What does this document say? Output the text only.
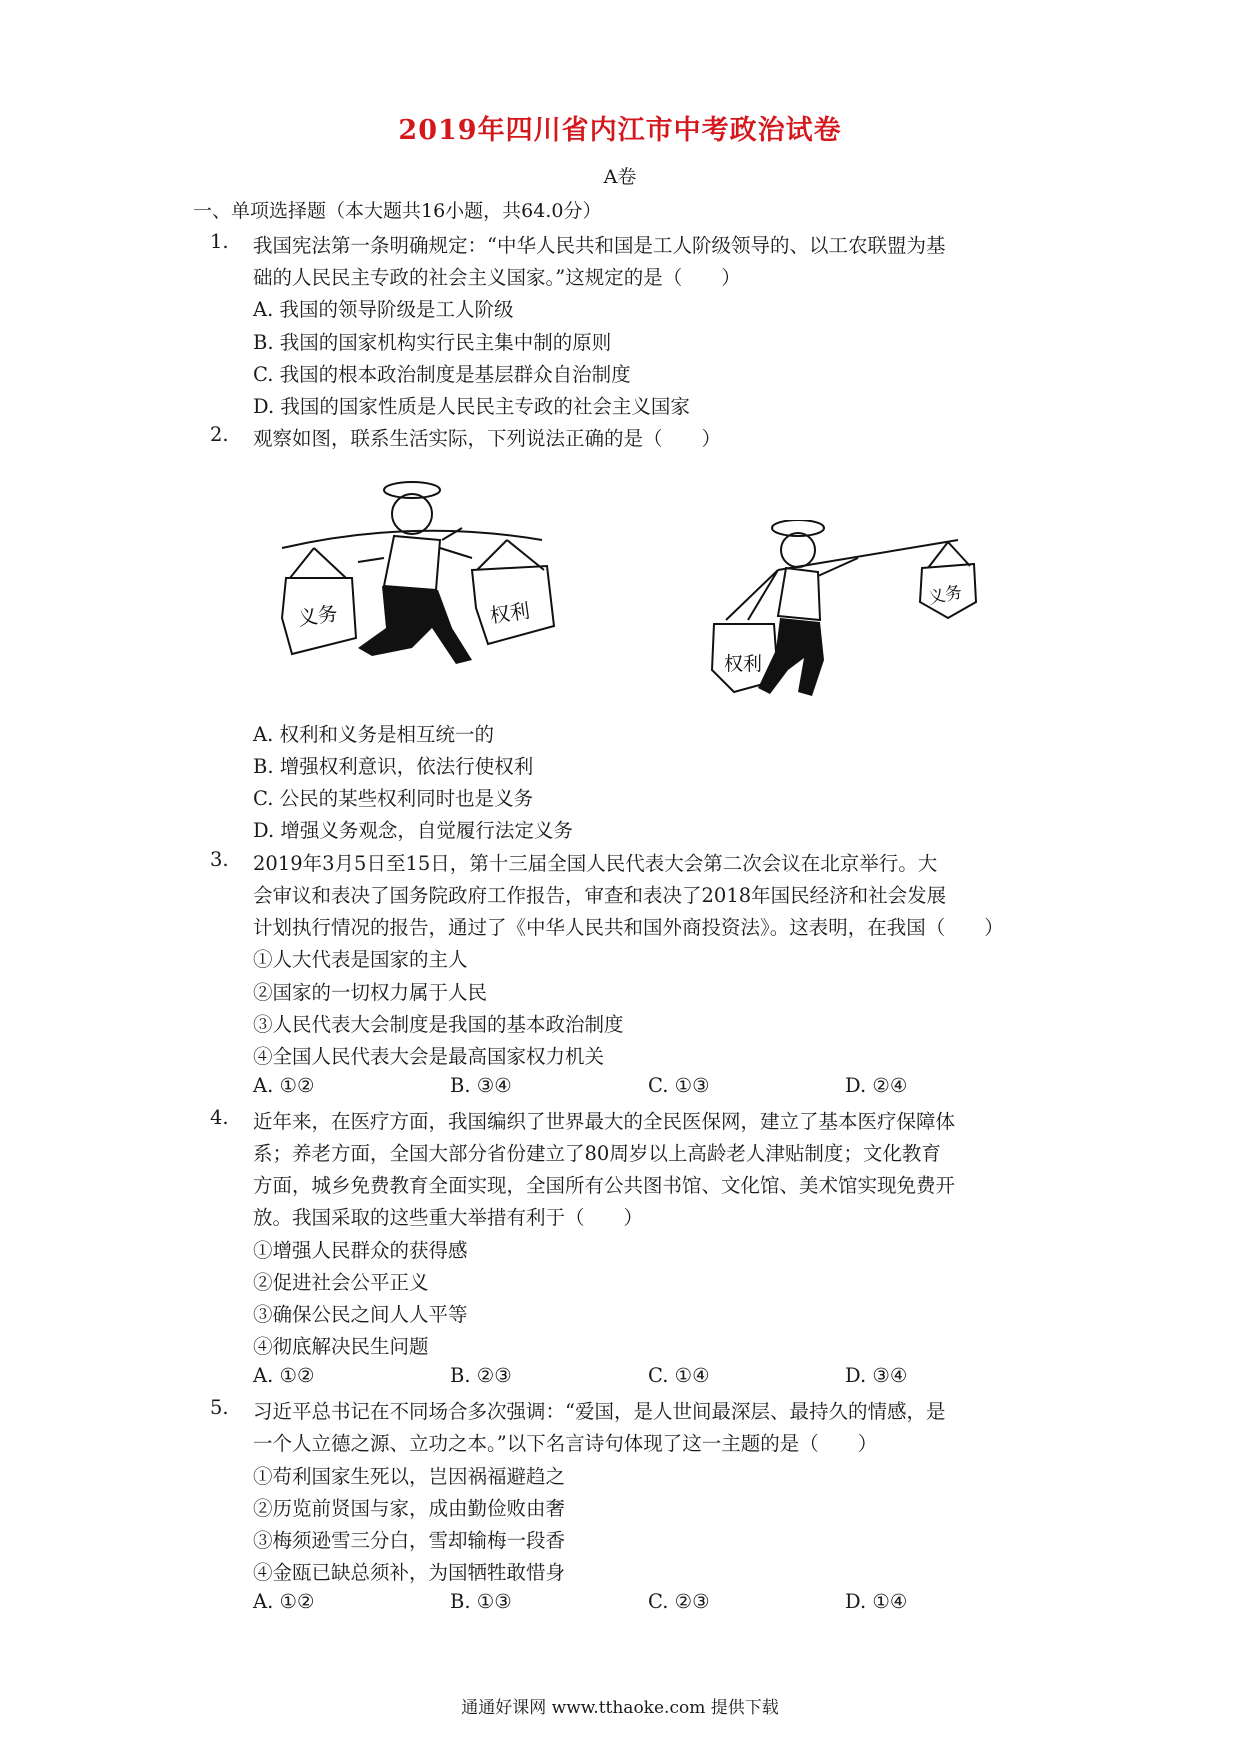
2019年四川省内江市中考政治试卷
A卷
一、单项选择题（本大题共16小题，共64.0分）
1. 我国宪法第一条明确规定：“中华人民共和国是工人阶级领导的、以工农联盟为基
础的人民民主专政的社会主义国家。”这规定的是（　　）
A. 我国的领导阶级是工人阶级
B. 我国的国家机构实行民主集中制的原则
C. 我国的根本政治制度是基层群众自治制度
D. 我国的国家性质是人民民主专政的社会主义国家
2. 观察如图，联系生活实际，下列说法正确的是（　　）
义务	权利
权利
义务
A. 权利和义务是相互统一的
B. 增强权利意识，依法行使权利
C. 公民的某些权利同时也是义务
D. 增强义务观念，自觉履行法定义务
3. 2019年3月5日至15日，第十三届全国人民代表大会第二次会议在北京举行。大
会审议和表决了国务院政府工作报告，审查和表决了2018年国民经济和社会发展
计划执行情况的报告，通过了《中华人民共和国外商投资法》。这表明，在我国（　　）
①人大代表是国家的主人
②国家的一切权力属于人民
③人民代表大会制度是我国的基本政治制度
④全国人民代表大会是最高国家权力机关
A. ①②	B. ③④	C. ①③	D. ②④
4. 近年来，在医疗方面，我国编织了世界最大的全民医保网，建立了基本医疗保障体
系；养老方面，全国大部分省份建立了80周岁以上高龄老人津贴制度；文化教育
方面，城乡免费教育全面实现，全国所有公共图书馆、文化馆、美术馆实现免费开
放。我国采取的这些重大举措有利于（　　）
①增强人民群众的获得感
②促进社会公平正义
③确保公民之间人人平等
④彻底解决民生问题
A. ①②	B. ②③	C. ①④	D. ③④
5. 习近平总书记在不同场合多次强调：“爱国，是人世间最深层、最持久的情感，是
一个人立德之源、立功之本。”以下名言诗句体现了这一主题的是（　　）
①苟利国家生死以，岂因祸福避趋之
②历览前贤国与家，成由勤俭败由奢
③梅须逊雪三分白，雪却输梅一段香
④金瓯已缺总须补，为国牺牲敢惜身
A. ①②	B. ①③	C. ②③	D. ①④
通通好课网 www.tthaoke.com 提供下载
